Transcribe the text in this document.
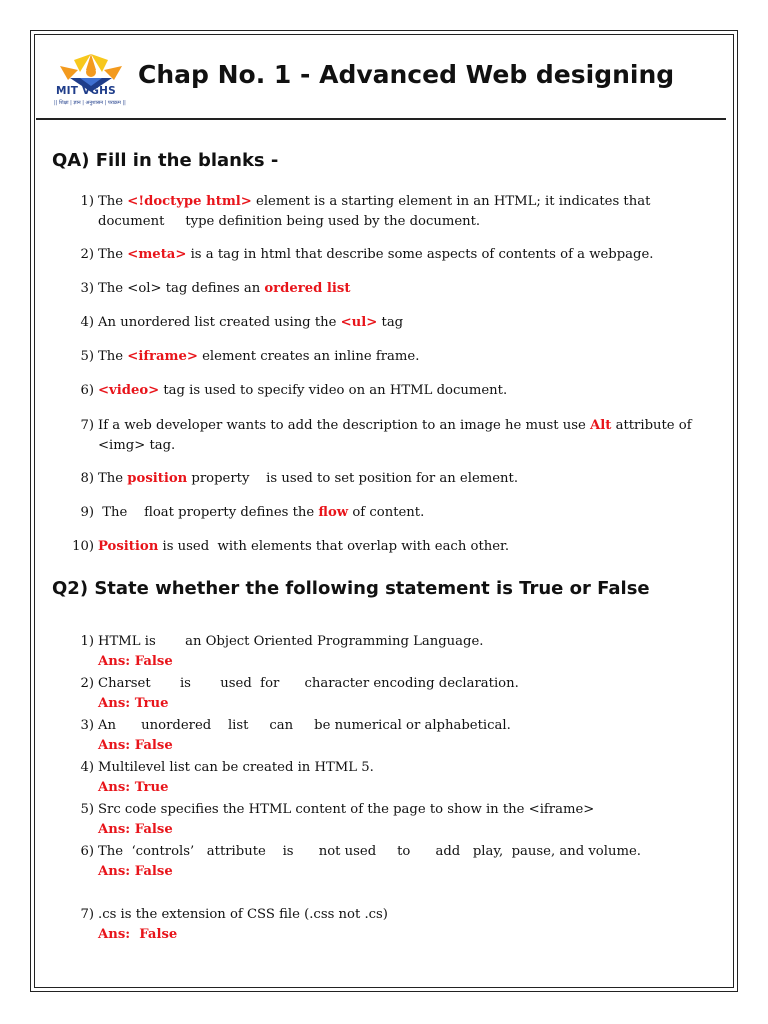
MIT VGHS
|| शिक्षा | ज्ञान | अनुशासन | पराक्रम ||
Chap No. 1 - Advanced Web designing
QA) Fill in the blanks -
1) The <!doctype html> element is a starting element in an HTML; it indicates that document     type definition being used by the document.
2) The <meta> is a tag in html that describe some aspects of contents of a webpage.
3) The <ol> tag defines an ordered list
4) An unordered list created using the <ul> tag
5) The <iframe> element creates an inline frame.
6) <video> tag is used to specify video on an HTML document.
7) If a web developer wants to add the description to an image he must use Alt attribute of <img> tag.
8) The position property    is used to set position for an element.
9) The    float property defines the flow of content.
10) Position is used  with elements that overlap with each other.
Q2) State whether the following statement is True or False
1) HTML is       an Object Oriented Programming Language.
Ans: False
2) Charset       is       used  for      character encoding declaration.
Ans: True
3) An      unordered    list     can     be numerical or alphabetical.
Ans: False
4) Multilevel list can be created in HTML 5.
Ans: True
5) Src code specifies the HTML content of the page to show in the <iframe>
Ans: False
6) The  ‘controls’   attribute    is      not used     to      add   play,  pause, and volume.
Ans: False
7) .cs is the extension of CSS file (.css not .cs)
Ans:  False
